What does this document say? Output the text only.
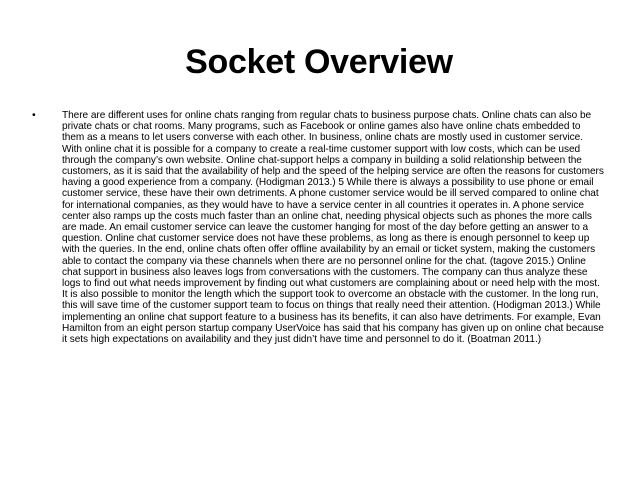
Socket Overview
•	There are different uses for online chats ranging from regular chats to business purpose chats. Online chats can also be private chats or chat rooms. Many programs, such as Facebook or online games also have online chats embedded to them as a means to let users converse with each other. In business, online chats are mostly used in customer service. With online chat it is possible for a company to create a real-time customer support with low costs, which can be used through the company’s own website. Online chat-support helps a company in building a solid relationship between the customers, as it is said that the availability of help and the speed of the helping service are often the reasons for customers having a good experience from a company. (Hodigman 2013.) 5 While there is always a possibility to use phone or email customer service, these have their own detriments. A phone customer service would be ill served compared to online chat for international companies, as they would have to have a service center in all countries it operates in. A phone service center also ramps up the costs much faster than an online chat, needing physical objects such as phones the more calls are made. An email customer service can leave the customer hanging for most of the day before getting an answer to a question. Online chat customer service does not have these problems, as long as there is enough personnel to keep up with the queries. In the end, online chats often offer offline availability by an email or ticket system, making the customers able to contact the company via these channels when there are no personnel online for the chat. (tagove 2015.) Online chat support in business also leaves logs from conversations with the customers. The company can thus analyze these logs to find out what needs improvement by finding out what customers are complaining about or need help with the most. It is also possible to monitor the length which the support took to overcome an obstacle with the customer. In the long run, this will save time of the customer support team to focus on things that really need their attention. (Hodigman 2013.) While implementing an online chat support feature to a business has its benefits, it can also have detriments. For example, Evan Hamilton from an eight person startup company UserVoice has said that his company has given up on online chat because it sets high expectations on availability and they just didn’t have time and personnel to do it. (Boatman 2011.)
